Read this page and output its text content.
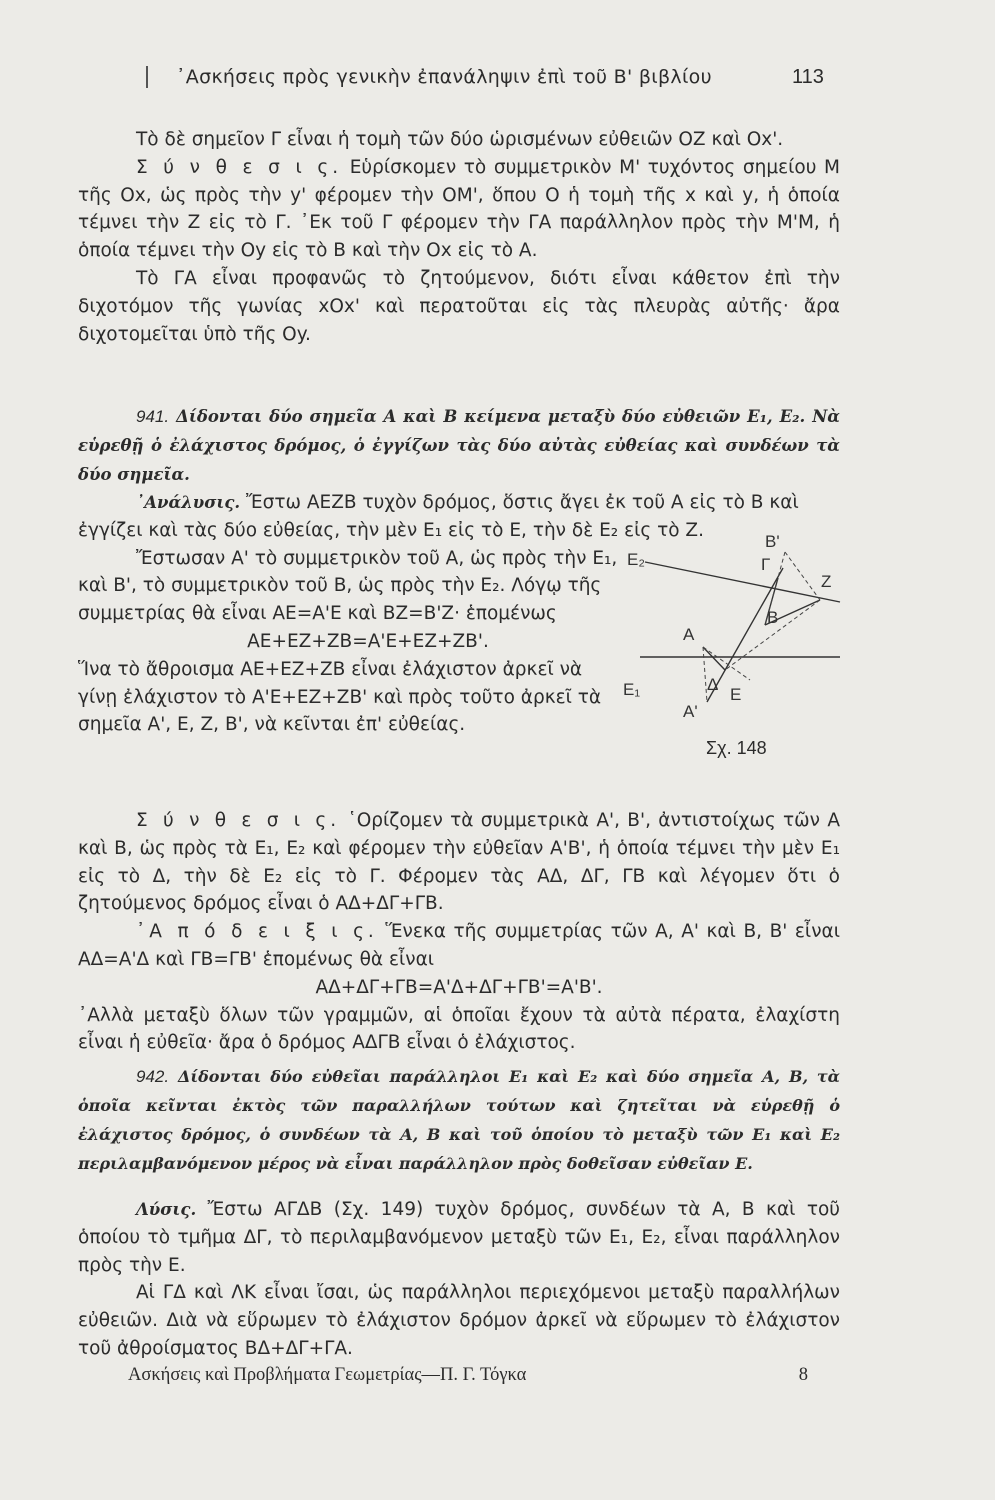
᾿Ασκήσεις πρὸς γενικὴν ἐπανάληψιν ἐπὶ τοῦ Β' βιβλίου	113

Τὸ δὲ σημεῖον Γ εἶναι ἡ τομὴ τῶν δύο ὡρισμένων εὐθειῶν ΟΖ καὶ Οx'.

Σ ύ ν θ ε σ ι ς. Εὑρίσκομεν τὸ συμμετρικὸν Μ' τυχόντος σημείου Μ τῆς Οx, ὡς πρὸς τὴν y' φέρομεν τὴν ΟΜ', ὅπου Ο ἡ τομὴ τῆς x καὶ y, ἡ ὁποία τέμνει τὴν Ζ εἰς τὸ Γ. ᾿Εκ τοῦ Γ φέρομεν τὴν ΓΑ παράλληλον πρὸς τὴν Μ'Μ, ἡ ὁποία τέμνει τὴν Οy εἰς τὸ Β καὶ τὴν Οx εἰς τὸ Α.

Τὸ ΓΑ εἶναι προφανῶς τὸ ζητούμενον, διότι εἶναι κάθετον ἐπὶ τὴν διχοτόμον τῆς γωνίας xΟx' καὶ περατοῦται εἰς τὰς πλευρὰς αὐτῆς· ἄρα διχοτομεῖται ὑπὸ τῆς Οy.

941. Δίδονται δύο σημεῖα Α καὶ Β κείμενα μεταξὺ δύο εὐθειῶν Ε₁, Ε₂. Νὰ εὑρεθῇ ὁ ἐλάχιστος δρόμος, ὁ ἐγγίζων τὰς δύο αὐτὰς εὐθείας καὶ συνδέων τὰ δύο σημεῖα.

᾿Ανάλυσις. Ἔστω ΑΕΖΒ τυχὸν δρόμος, ὅστις ἄγει ἐκ τοῦ Α εἰς τὸ Β καὶ ἐγγίζει καὶ τὰς δύο εὐθείας, τὴν μὲν Ε₁ εἰς τὸ Ε, τὴν δὲ Ε₂ εἰς τὸ Ζ.

Ἔστωσαν Α' τὸ συμμετρικὸν τοῦ Α, ὡς πρὸς τὴν Ε₁, καὶ Β', τὸ συμμετρικὸν τοῦ Β, ὡς πρὸς τὴν Ε₂. Λόγῳ τῆς συμμετρίας θὰ εἶναι ΑΕ=Α'Ε καὶ ΒΖ=Β'Ζ· ἑπομένως

ΑΕ+ΕΖ+ΖΒ=Α'Ε+ΕΖ+ΖΒ'.

Ἵνα τὸ ἄθροισμα ΑΕ+ΕΖ+ΖΒ εἶναι ἐλάχιστον ἀρκεῖ νὰ γίνῃ ἐλάχιστον τὸ Α'Ε+ΕΖ+ΖΒ' καὶ πρὸς τοῦτο ἀρκεῖ τὰ σημεῖα Α', Ε, Ζ, Β', νὰ κεῖνται ἐπ' εὐθείας.

Β'
Ε₂	Γ
Ζ
Β
Α
Ε₁	Δ
Ε
Α'
Σχ. 148

Σ ύ ν θ ε σ ι ς. ῾Ορίζομεν τὰ συμμετρικὰ Α', Β', ἀντιστοίχως τῶν Α καὶ Β, ὡς πρὸς τὰ Ε₁, Ε₂ καὶ φέρομεν τὴν εὐθεῖαν Α'Β', ἡ ὁποία τέμνει τὴν μὲν Ε₁ εἰς τὸ Δ, τὴν δὲ Ε₂ εἰς τὸ Γ. Φέρομεν τὰς ΑΔ, ΔΓ, ΓΒ καὶ λέγομεν ὅτι ὁ ζητούμενος δρόμος εἶναι ὁ ΑΔ+ΔΓ+ΓΒ.

᾿Α π ό δ ε ι ξ ι ς. Ἕνεκα τῆς συμμετρίας τῶν Α, Α' καὶ Β, Β' εἶναι ΑΔ=Α'Δ καὶ ΓΒ=ΓΒ' ἑπομένως θὰ εἶναι

ΑΔ+ΔΓ+ΓΒ=Α'Δ+ΔΓ+ΓΒ'=Α'Β'.

᾿Αλλὰ μεταξὺ ὅλων τῶν γραμμῶν, αἱ ὁποῖαι ἔχουν τὰ αὐτὰ πέρατα, ἐλαχίστη εἶναι ἡ εὐθεῖα· ἄρα ὁ δρόμος ΑΔΓΒ εἶναι ὁ ἐλάχιστος.

942. Δίδονται δύο εὐθεῖαι παράλληλοι Ε₁ καὶ Ε₂ καὶ δύο σημεῖα Α, Β, τὰ ὁποῖα κεῖνται ἐκτὸς τῶν παραλλήλων τούτων καὶ ζητεῖται νὰ εὑρεθῇ ὁ ἐλάχιστος δρόμος, ὁ συνδέων τὰ Α, Β καὶ τοῦ ὁποίου τὸ μεταξὺ τῶν Ε₁ καὶ Ε₂ περιλαμβανόμενον μέρος νὰ εἶναι παράλληλον πρὸς δοθεῖσαν εὐθεῖαν Ε.

Λύσις. Ἔστω ΑΓΔΒ (Σχ. 149) τυχὸν δρόμος, συνδέων τὰ Α, Β καὶ τοῦ ὁποίου τὸ τμῆμα ΔΓ, τὸ περιλαμβανόμενον μεταξὺ τῶν Ε₁, Ε₂, εἶναι παράλληλον πρὸς τὴν Ε.

Αἱ ΓΔ καὶ ΛΚ εἶναι ἴσαι, ὡς παράλληλοι περιεχόμενοι μεταξὺ παραλλήλων εὐθειῶν. Διὰ νὰ εὕρωμεν τὸ ἐλάχιστον δρόμον ἀρκεῖ νὰ εὕρωμεν τὸ ἐλάχιστον τοῦ ἀθροίσματος ΒΔ+ΔΓ+ΓΑ.

Ασκήσεις καὶ Προβλήματα Γεωμετρίας—Π. Γ. Τόγκα	8
